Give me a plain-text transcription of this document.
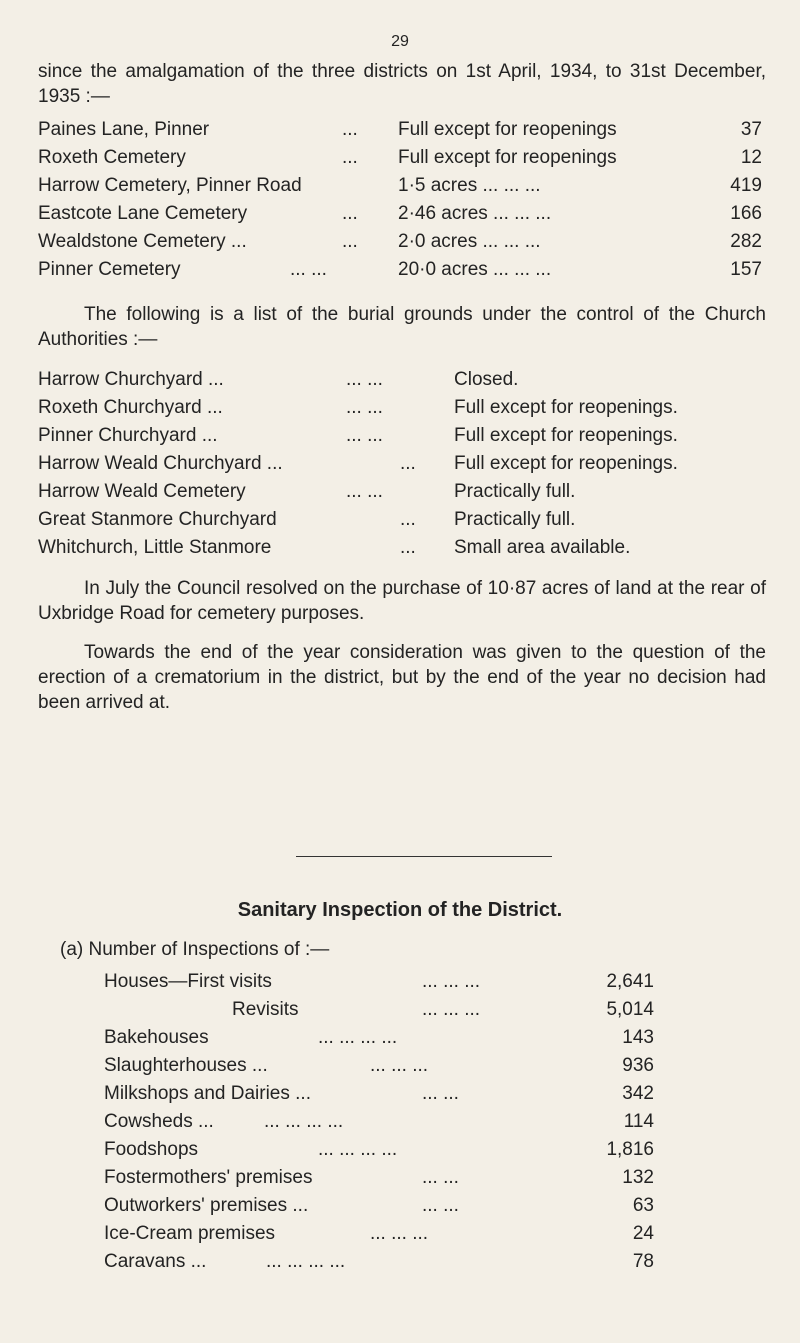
29
since the amalgamation of the three districts on 1st April, 1934, to 31st December, 1935 :—
Paines Lane, Pinner	... Full except for reopenings	37
Roxeth Cemetery	... Full except for reopenings	12
Harrow Cemetery, Pinner Road	1·5 acres ... ... ...	419
Eastcote Lane Cemetery	... 2·46 acres ... ... ...	166
Wealdstone Cemetery ...	... 2·0 acres ... ... ...	282
Pinner Cemetery	... ...	20·0 acres ... ... ...	157
The following is a list of the burial grounds under the control of the Church Authorities :—
Harrow Churchyard ...	... ...	Closed.
Roxeth Churchyard ...	... ...	Full except for reopenings.
Pinner Churchyard ...	... ...	Full except for reopenings.
Harrow Weald Churchyard ...	... Full except for reopenings.
Harrow Weald Cemetery	... ...	Practically full.
Great Stanmore Churchyard	... Practically full.
Whitchurch, Little Stanmore	... Small area available.
In July the Council resolved on the purchase of 10·87 acres of land at the rear of Uxbridge Road for cemetery purposes.
Towards the end of the year consideration was given to the question of the erection of a crematorium in the district, but by the end of the year no decision had been arrived at.
Sanitary Inspection of the District.
(a) Number of Inspections of :—
Houses—First visits	... ... ...	2,641
Revisits	... ... ...	5,014
Bakehouses	... ... ... ...	143
Slaughterhouses ...	... ... ...	936
Milkshops and Dairies ...	... ...	342
Cowsheds ...	... ... ... ...	114
Foodshops	... ... ... ...	1,816
Fostermothers' premises	... ...	132
Outworkers' premises ...	... ...	63
Ice-Cream premises	... ... ...	24
Caravans ...	... ... ... ...	78
